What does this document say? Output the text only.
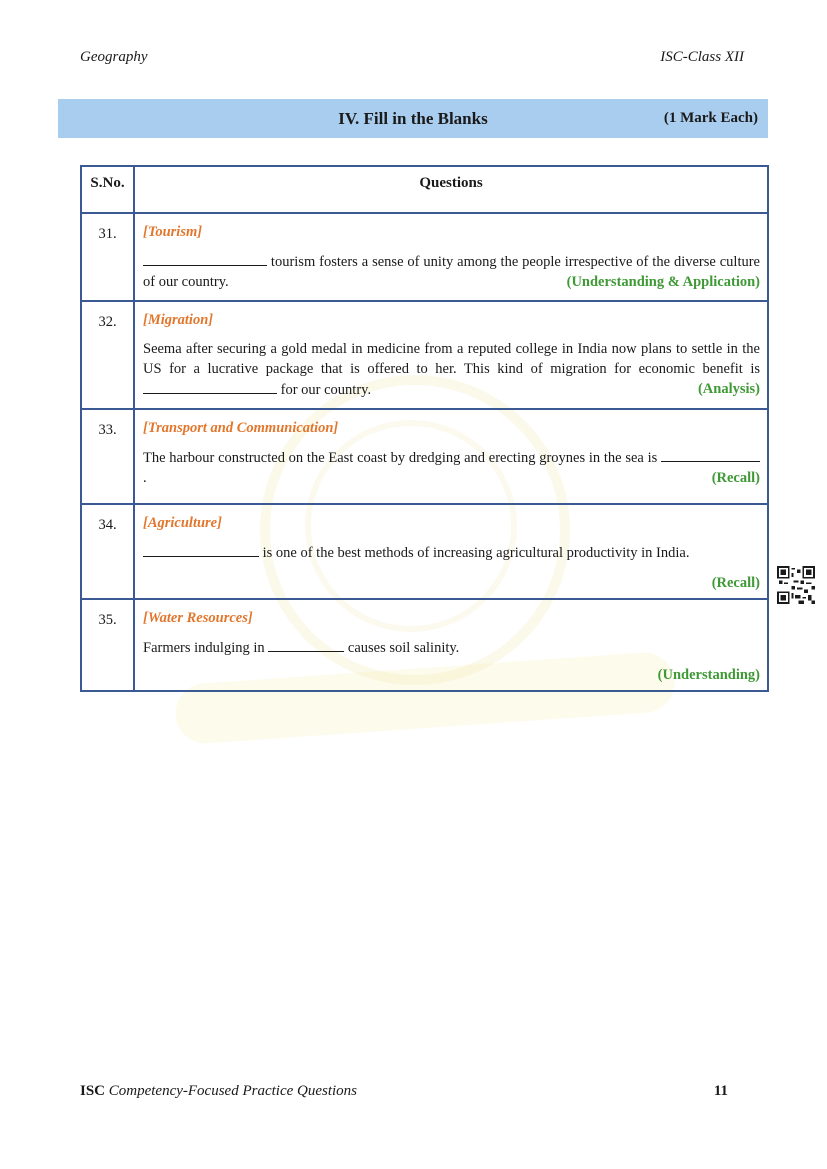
Geography	ISC-Class XII
IV. Fill in the Blanks	(1 Mark Each)
S.No.	Questions
31.	[Tourism]
tourism fosters a sense of unity among the people irrespective of the diverse culture of our country. (Understanding & Application)

32.	[Migration]
Seema after securing a gold medal in medicine from a reputed college in India now plans to settle in the US for a lucrative package that is offered to her. This kind of migration for economic benefit is  for our country. (Analysis)

33.	[Transport and Communication]
The harbour constructed on the East coast by dredging and erecting groynes in the sea is  . (Recall)

34.	[Agriculture]
is one of the best methods of increasing agricultural productivity in India.
(Recall)

35.	[Water Resources]
Farmers indulging in causes soil salinity.
(Understanding)
ISC Competency-Focused Practice Questions	11
